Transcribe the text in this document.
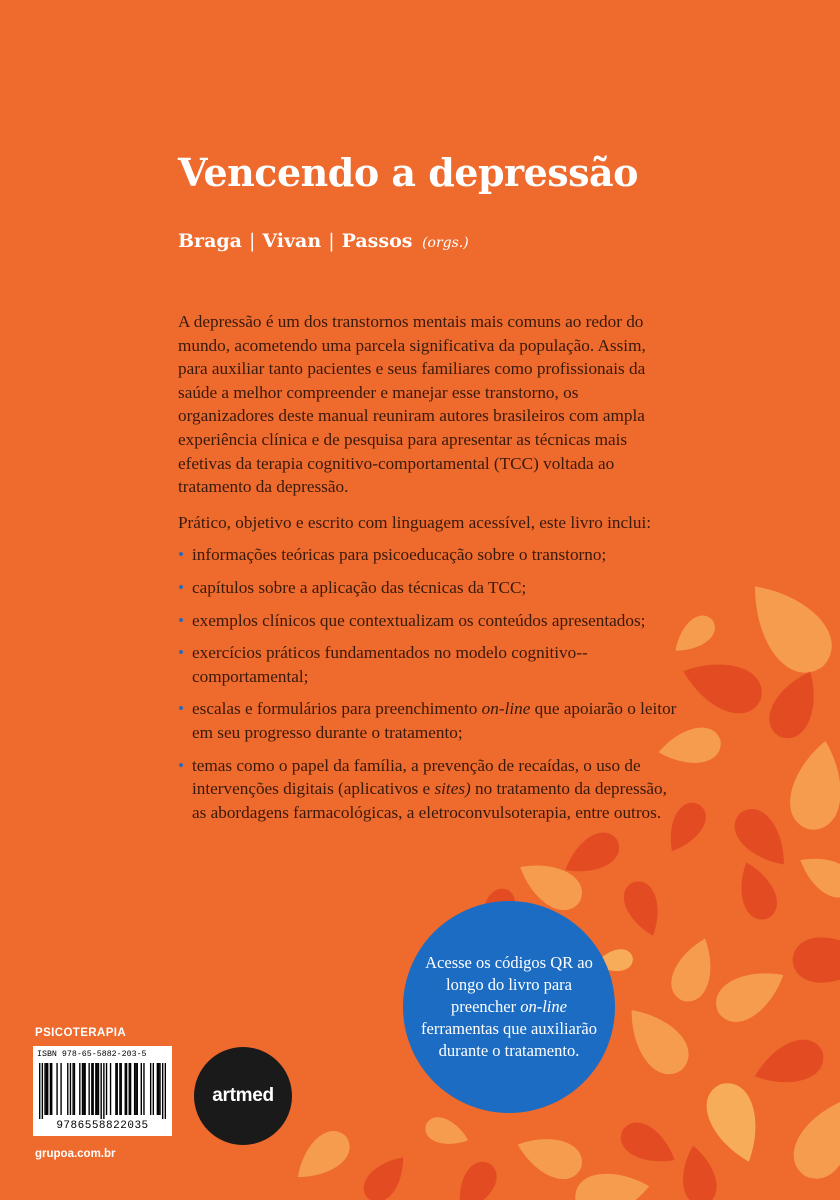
Vencendo a depressão
Braga | Vivan | Passos (orgs.)

A depressão é um dos transtornos mentais mais comuns ao redor do mundo, acometendo uma parcela significativa da população. Assim, para auxiliar tanto pacientes e seus familiares como profissionais da saúde a melhor compreender e manejar esse transtorno, os organizadores deste manual reuniram autores brasileiros com ampla experiência clínica e de pesquisa para apresentar as técnicas mais efetivas da terapia cognitivo-comportamental (TCC) voltada ao tratamento da depressão.

Prático, objetivo e escrito com linguagem acessível, este livro inclui:

• informações teóricas para psicoeducação sobre o transtorno;
• capítulos sobre a aplicação das técnicas da TCC;
• exemplos clínicos que contextualizam os conteúdos apresentados;
• exercícios práticos fundamentados no modelo cognitivo--comportamental;
• escalas e formulários para preenchimento on-line que apoiarão o leitor em seu progresso durante o tratamento;
• temas como o papel da família, a prevenção de recaídas, o uso de intervenções digitais (aplicativos e sites) no tratamento da depressão, as abordagens farmacológicas, a eletroconvulsoterapia, entre outros.
Acesse os códigos QR ao longo do livro para preencher on-line ferramentas que auxiliarão durante o tratamento.
PSICOTERAPIA
ISBN 978-65-5882-203-5
9786558822035
artmed
grupoa.com.br
